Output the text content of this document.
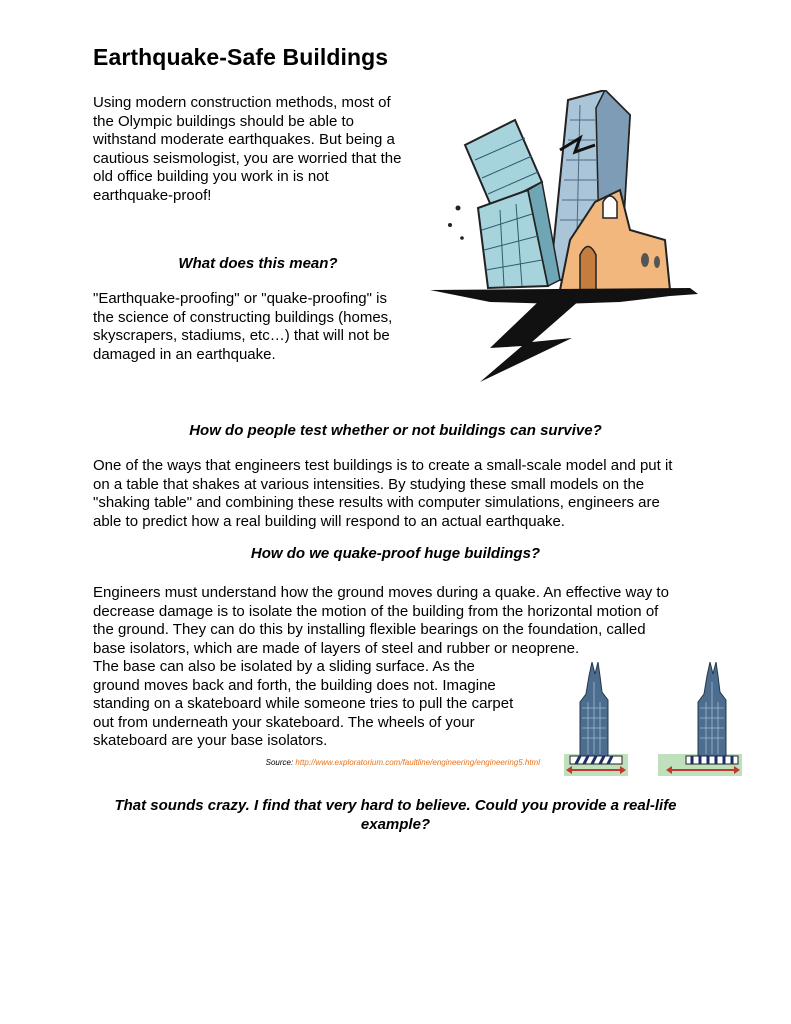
Earthquake-Safe Buildings
Using modern construction methods, most of
the Olympic buildings should be able to
withstand moderate earthquakes. But being a
cautious seismologist, you are worried that the
old office building you work in is not
earthquake-proof!
What does this mean?
"Earthquake-proofing" or "quake-proofing" is
the science of constructing buildings (homes,
skyscrapers, stadiums, etc…) that will not be
damaged in an earthquake.
How do people test whether or not buildings can survive?
One of the ways that engineers test buildings is to create a small-scale model and put it
on a table that shakes at various intensities. By studying these small models on the
"shaking table" and combining these results with computer simulations, engineers are
able to predict how a real building will respond to an actual earthquake.
How do we quake-proof huge buildings?
Engineers must understand how the ground moves during a quake. An effective way to
decrease damage is to isolate the motion of the building from the horizontal motion of
the ground. They can do this by installing flexible bearings on the foundation, called
base isolators, which are made of layers of steel and rubber or neoprene.
The base can also be isolated by a sliding surface. As the
ground moves back and forth, the building does not. Imagine
standing on a skateboard while someone tries to pull the carpet
out from underneath your skateboard. The wheels of your
skateboard are your base isolators.
Source: http://www.exploratorium.com/faultline/engineering/engineering5.html
That sounds crazy. I find that very hard to believe. Could you provide a real-life
example?
